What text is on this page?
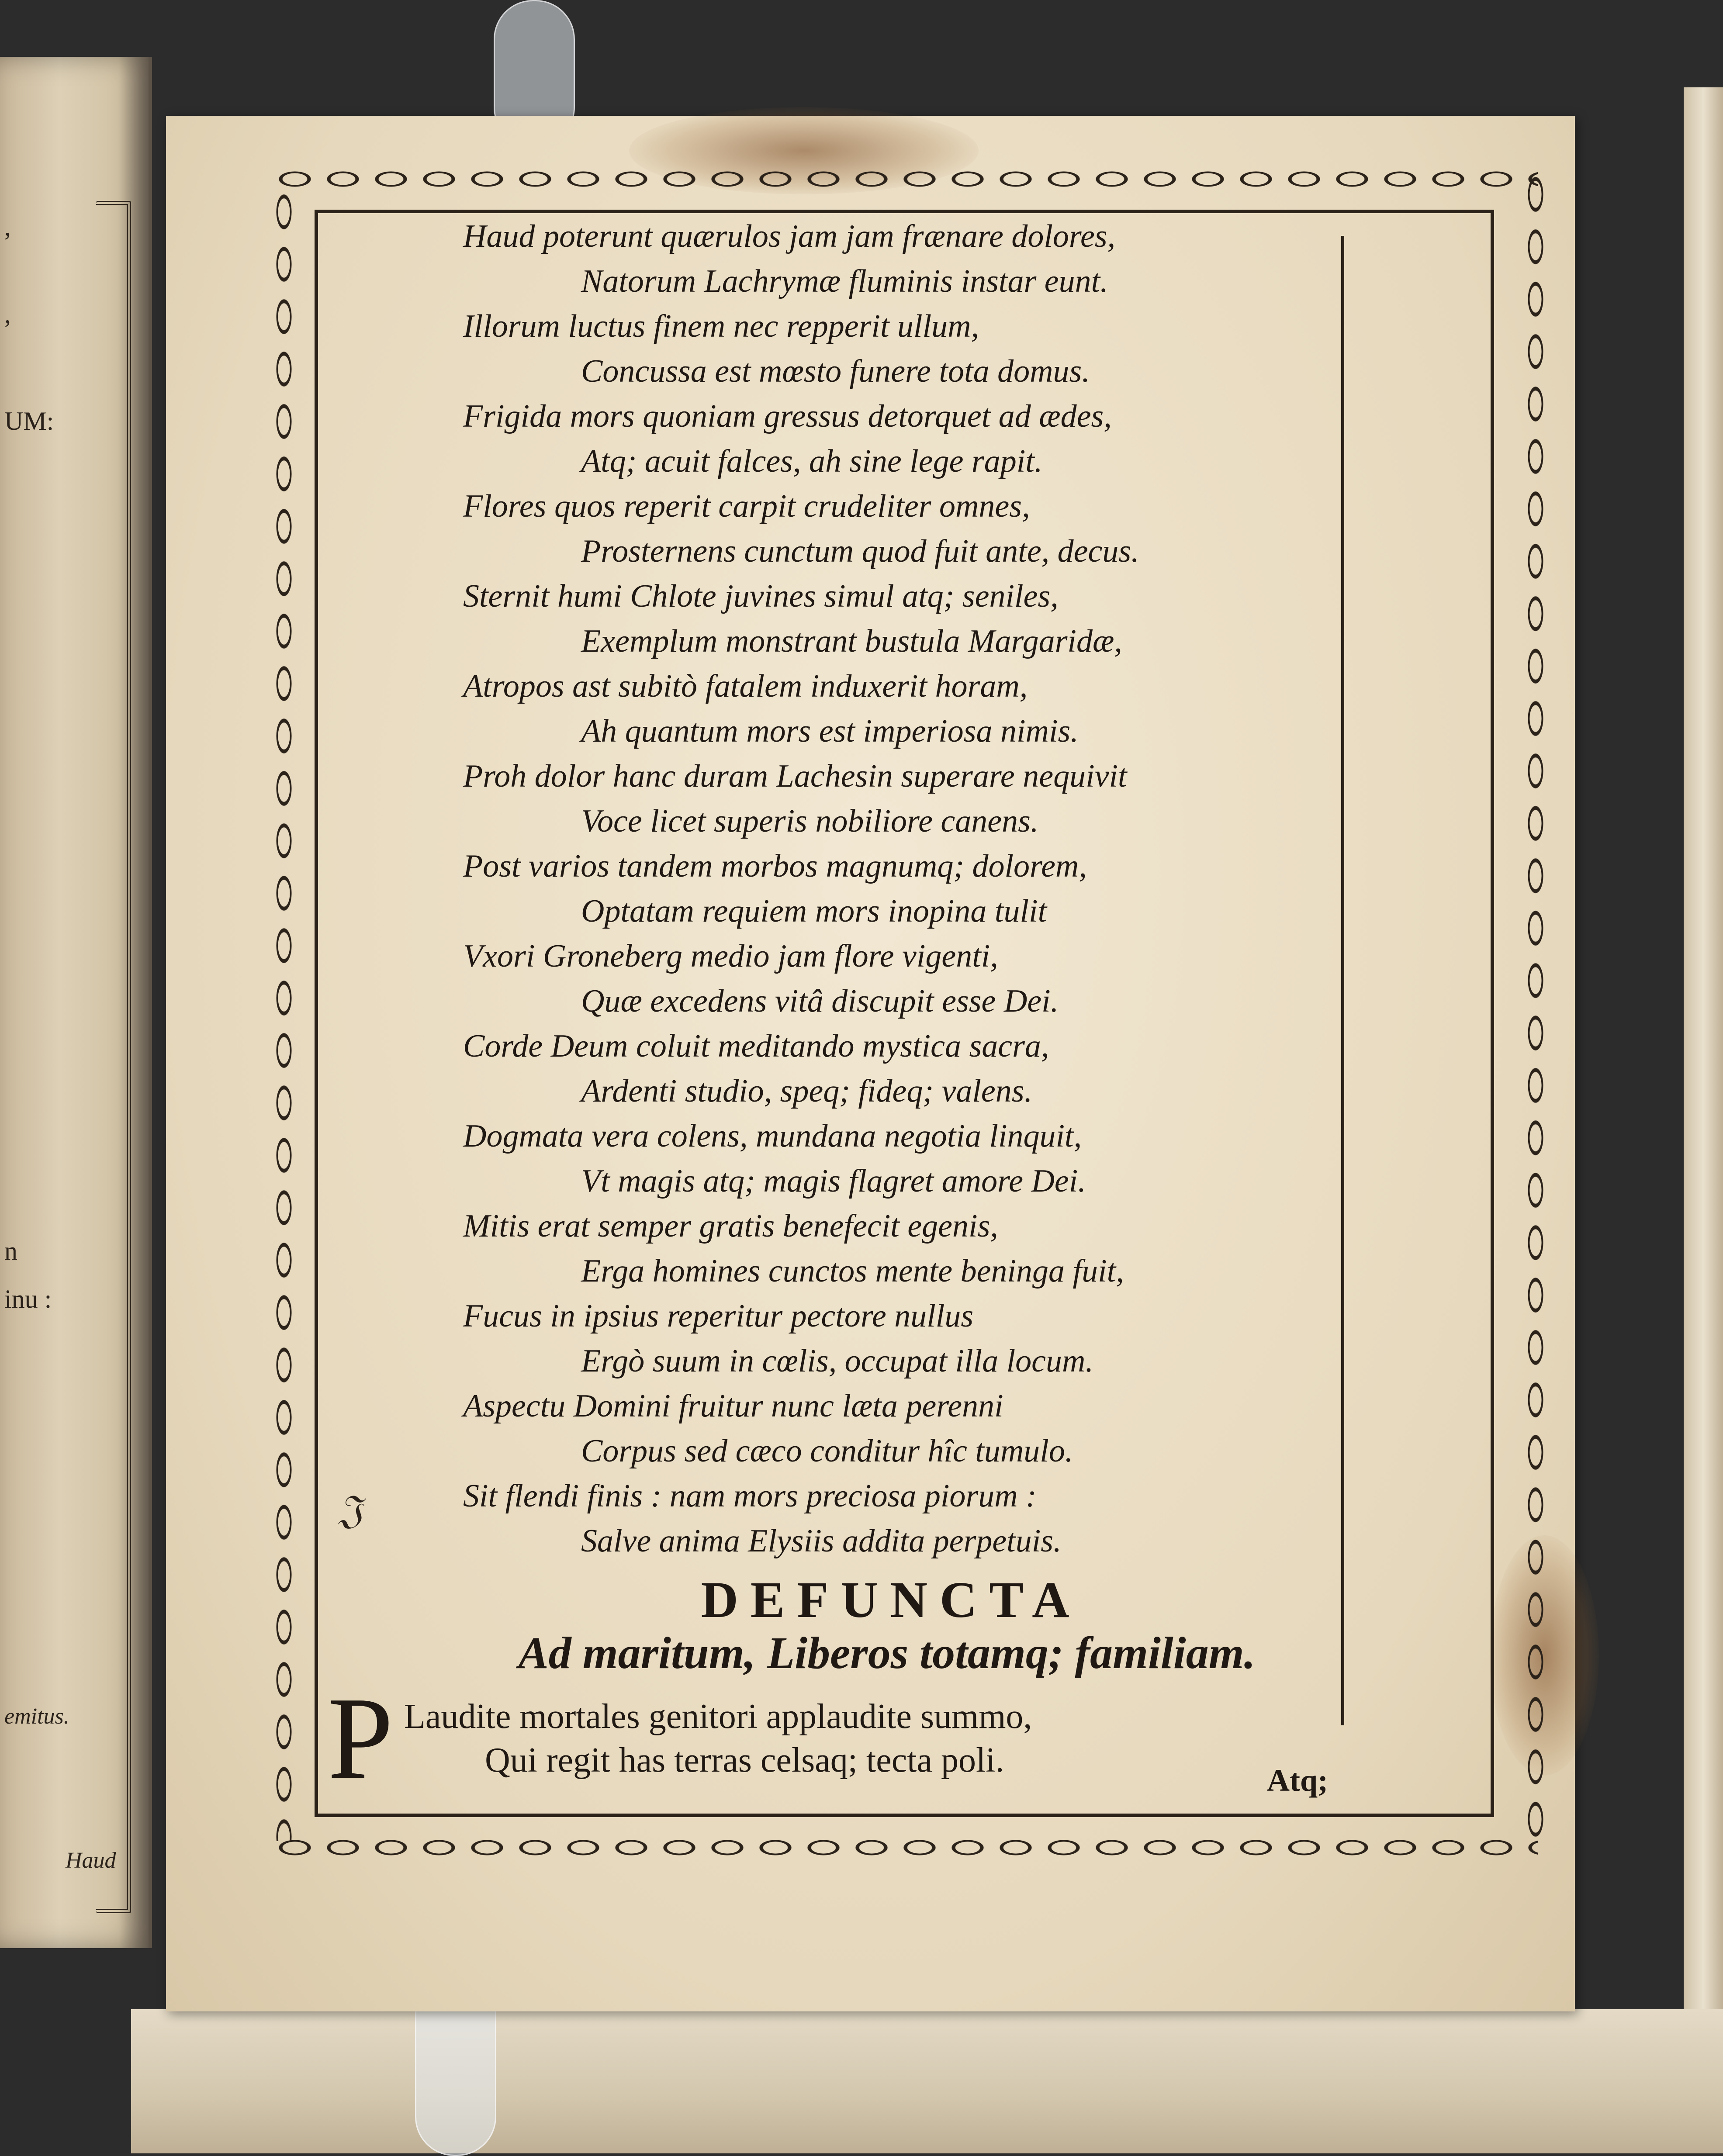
,
,
UM:
n
inu :
emitus.
Haud
𝔍
Haud poterunt quærulos jam jam frænare dolores,
Natorum Lachrymæ fluminis instar eunt.
Illorum luctus finem nec repperit ullum,
Concussa est mœsto funere tota domus.
Frigida mors quoniam gressus detorquet ad ædes,
Atq; acuit falces, ah sine lege rapit.
Flores quos reperit carpit crudeliter omnes,
Prosternens cunctum quod fuit ante, decus.
Sternit humi Chlote juvines simul atq; seniles,
Exemplum monstrant bustula Margaridæ,
Atropos ast subitò fatalem induxerit horam,
Ah quantum mors est imperiosa nimis.
Proh dolor hanc duram Lachesin superare nequivit
Voce licet superis nobiliore canens.
Post varios tandem morbos magnumq; dolorem,
Optatam requiem mors inopina tulit
Vxori Groneberg medio jam flore vigenti,
Quæ excedens vitâ discupit esse Dei.
Corde Deum coluit meditando mystica sacra,
Ardenti studio, speq; fideq; valens.
Dogmata vera colens, mundana negotia linquit,
Vt magis atq; magis flagret amore Dei.
Mitis erat semper gratis benefecit egenis,
Erga homines cunctos mente beninga fuit,
Fucus in ipsius reperitur pectore nullus
Ergò suum in cœlis, occupat illa locum.
Aspectu Domini fruitur nunc læta perenni
Corpus sed cæco conditur hîc tumulo.
Sit flendi finis : nam mors preciosa piorum :
Salve anima Elysiis addita perpetuis.
DEFUNCTA
Ad maritum, Liberos totamq; familiam.
P Laudite mortales genitori applaudite summo,
Qui regit has terras celsaq; tecta poli.
Atq;
